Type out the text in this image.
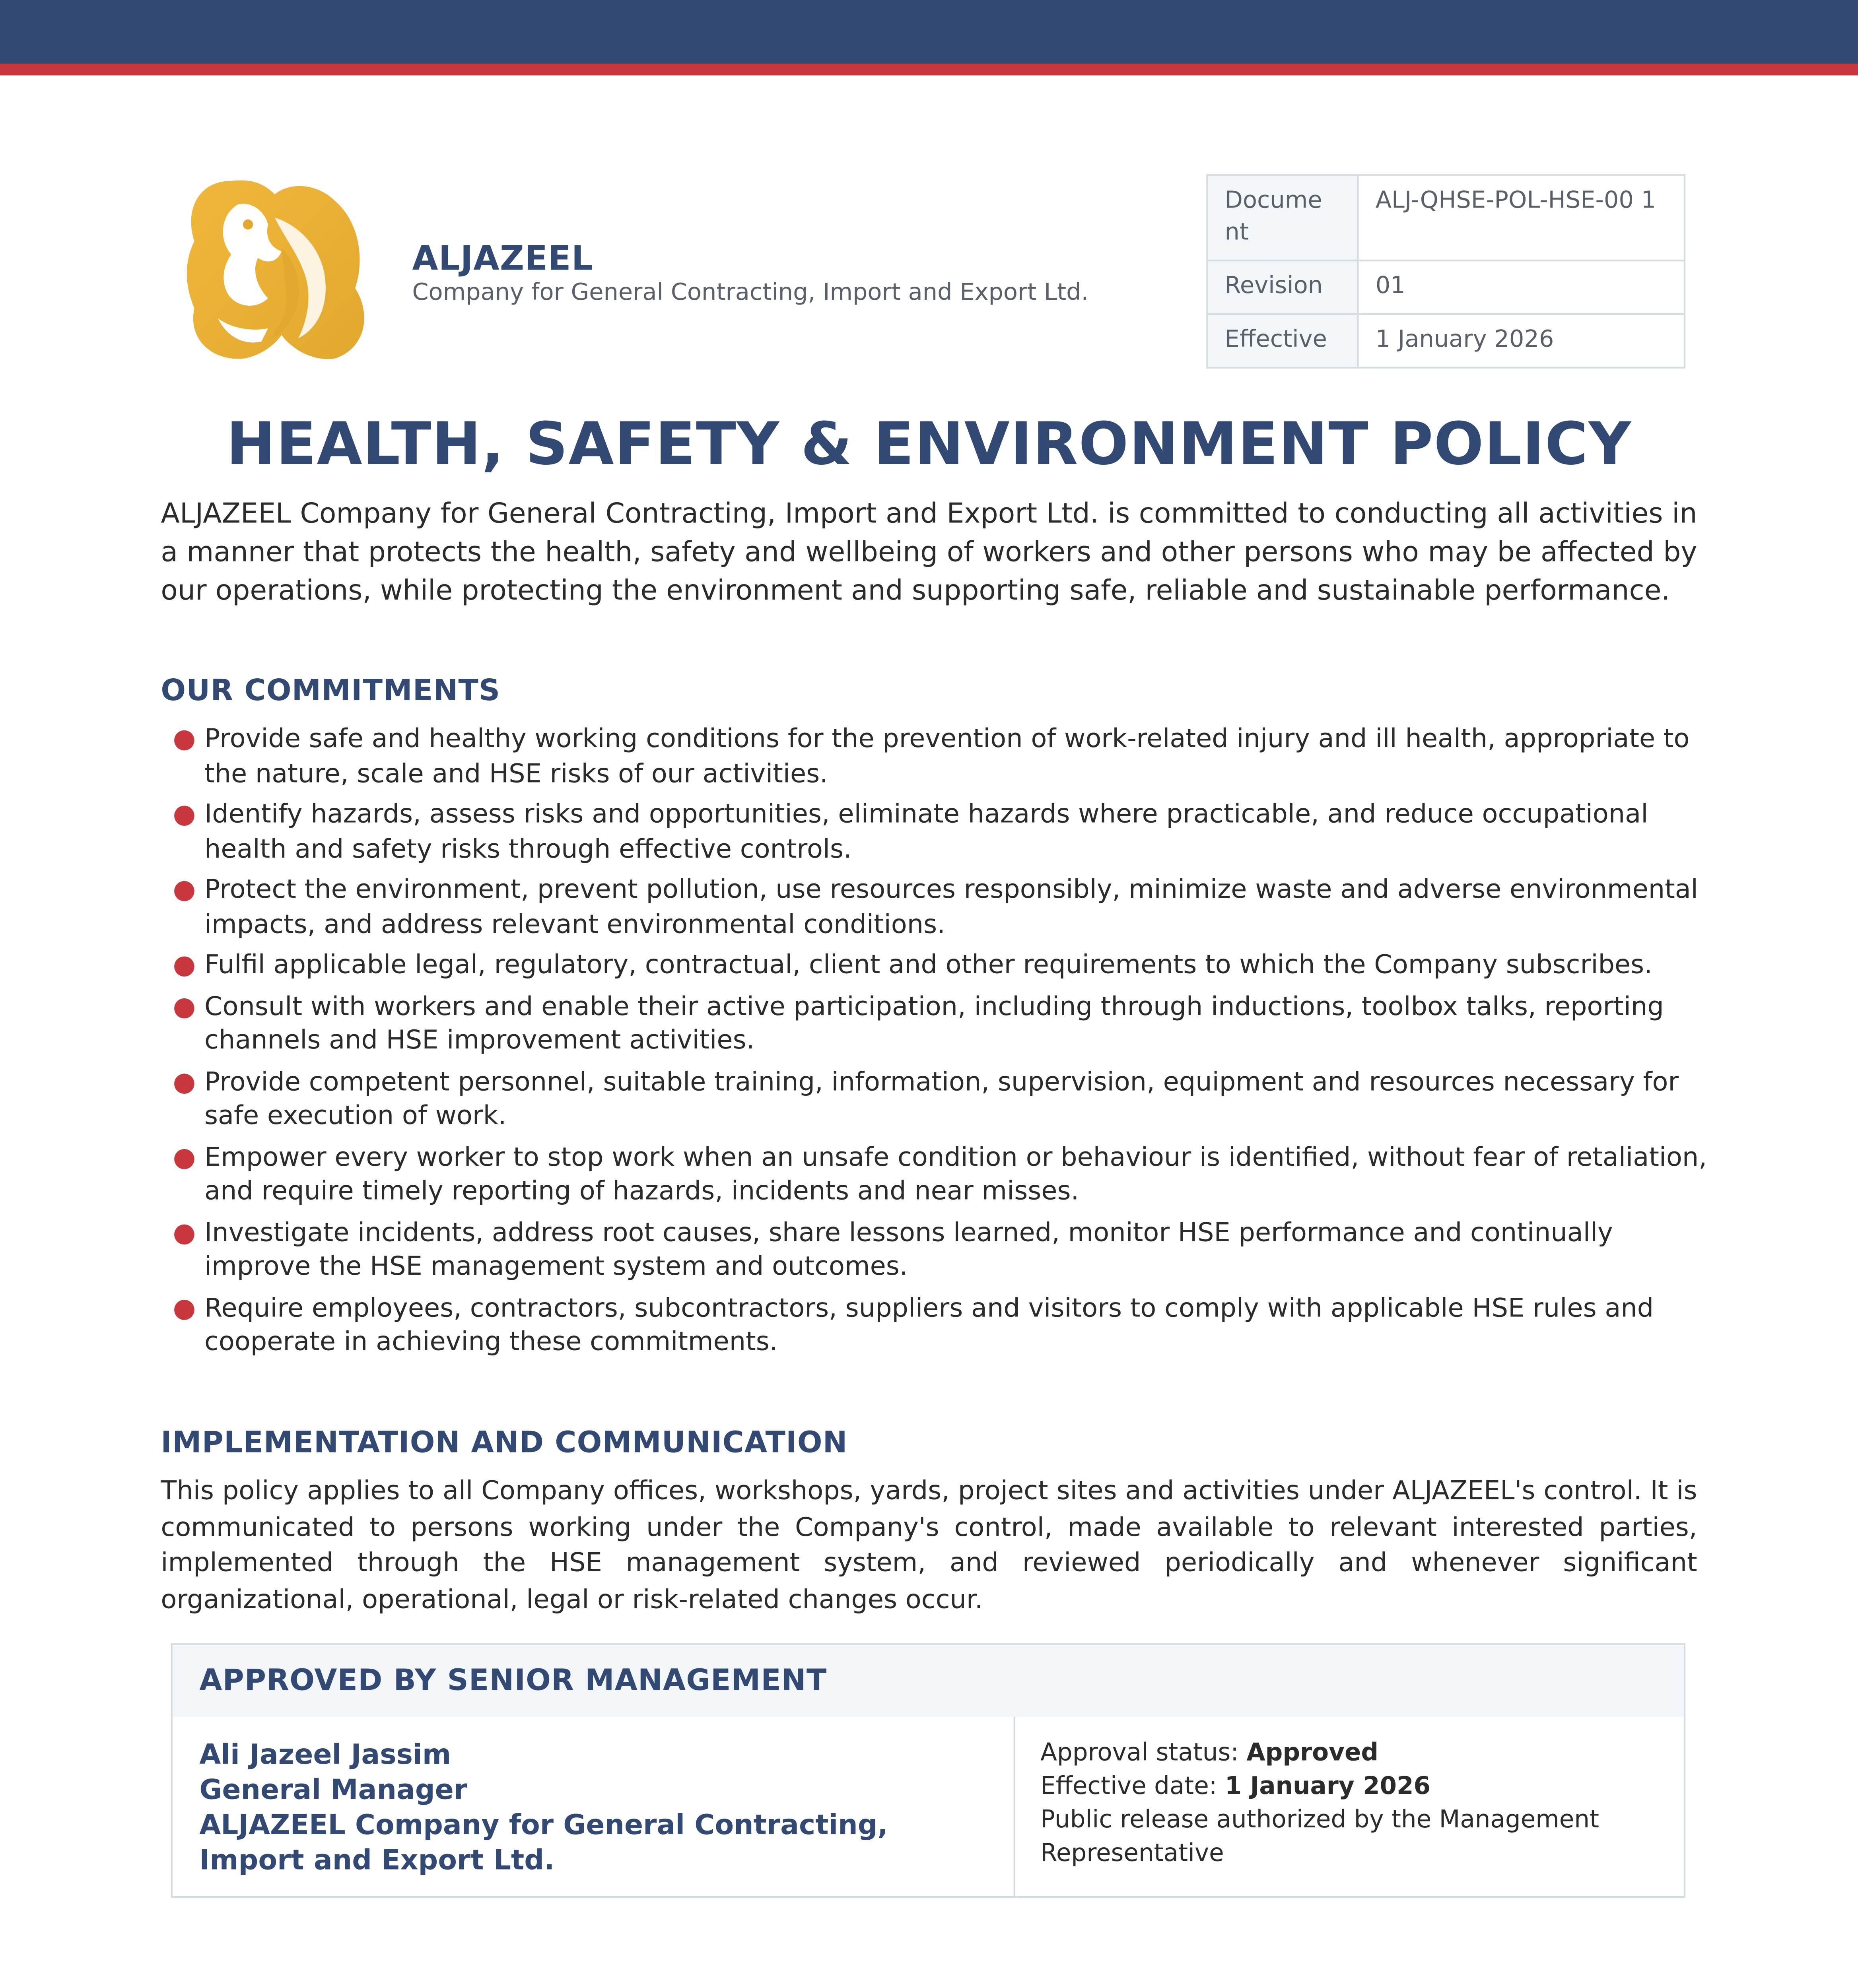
ALJAZEEL
Company for General Contracting, Import and Export Ltd.
Docume nt	ALJ-QHSE-POL-HSE-00 1
Revision	01
Effective	1 January 2026
HEALTH, SAFETY & ENVIRONMENT POLICY

ALJAZEEL Company for General Contracting, Import and Export Ltd. is committed to conducting all activities in a manner that protects the health, safety and wellbeing of workers and other persons who may be affected by our operations, while protecting the environment and supporting safe, reliable and sustainable performance.

OUR COMMITMENTS
Provide safe and healthy working conditions for the prevention of work-related injury and ill health, appropriate to the nature, scale and HSE risks of our activities.
Identify hazards, assess risks and opportunities, eliminate hazards where practicable, and reduce occupational health and safety risks through effective controls.
Protect the environment, prevent pollution, use resources responsibly, minimize waste and adverse environmental impacts, and address relevant environmental conditions.
Fulfil applicable legal, regulatory, contractual, client and other requirements to which the Company subscribes.
Consult with workers and enable their active participation, including through inductions, toolbox talks, reporting channels and HSE improvement activities.
Provide competent personnel, suitable training, information, supervision, equipment and resources necessary for safe execution of work.
Empower every worker to stop work when an unsafe condition or behaviour is identified, without fear of retaliation, and require timely reporting of hazards, incidents and near misses.
Investigate incidents, address root causes, share lessons learned, monitor HSE performance and continually improve the HSE management system and outcomes.
Require employees, contractors, subcontractors, suppliers and visitors to comply with applicable HSE rules and cooperate in achieving these commitments.
IMPLEMENTATION AND COMMUNICATION

This policy applies to all Company offices, workshops, yards, project sites and activities under ALJAZEEL's control. It is communicated to persons working under the Company's control, made available to relevant interested parties, implemented through the HSE management system, and reviewed periodically and whenever significant organizational, operational, legal or risk-related changes occur.

APPROVED BY SENIOR MANAGEMENT
Ali Jazeel Jassim
General Manager
ALJAZEEL Company for General Contracting,
Import and Export Ltd.
Approval status: Approved
Effective date: 1 January 2026
Public release authorized by the Management
Representative
